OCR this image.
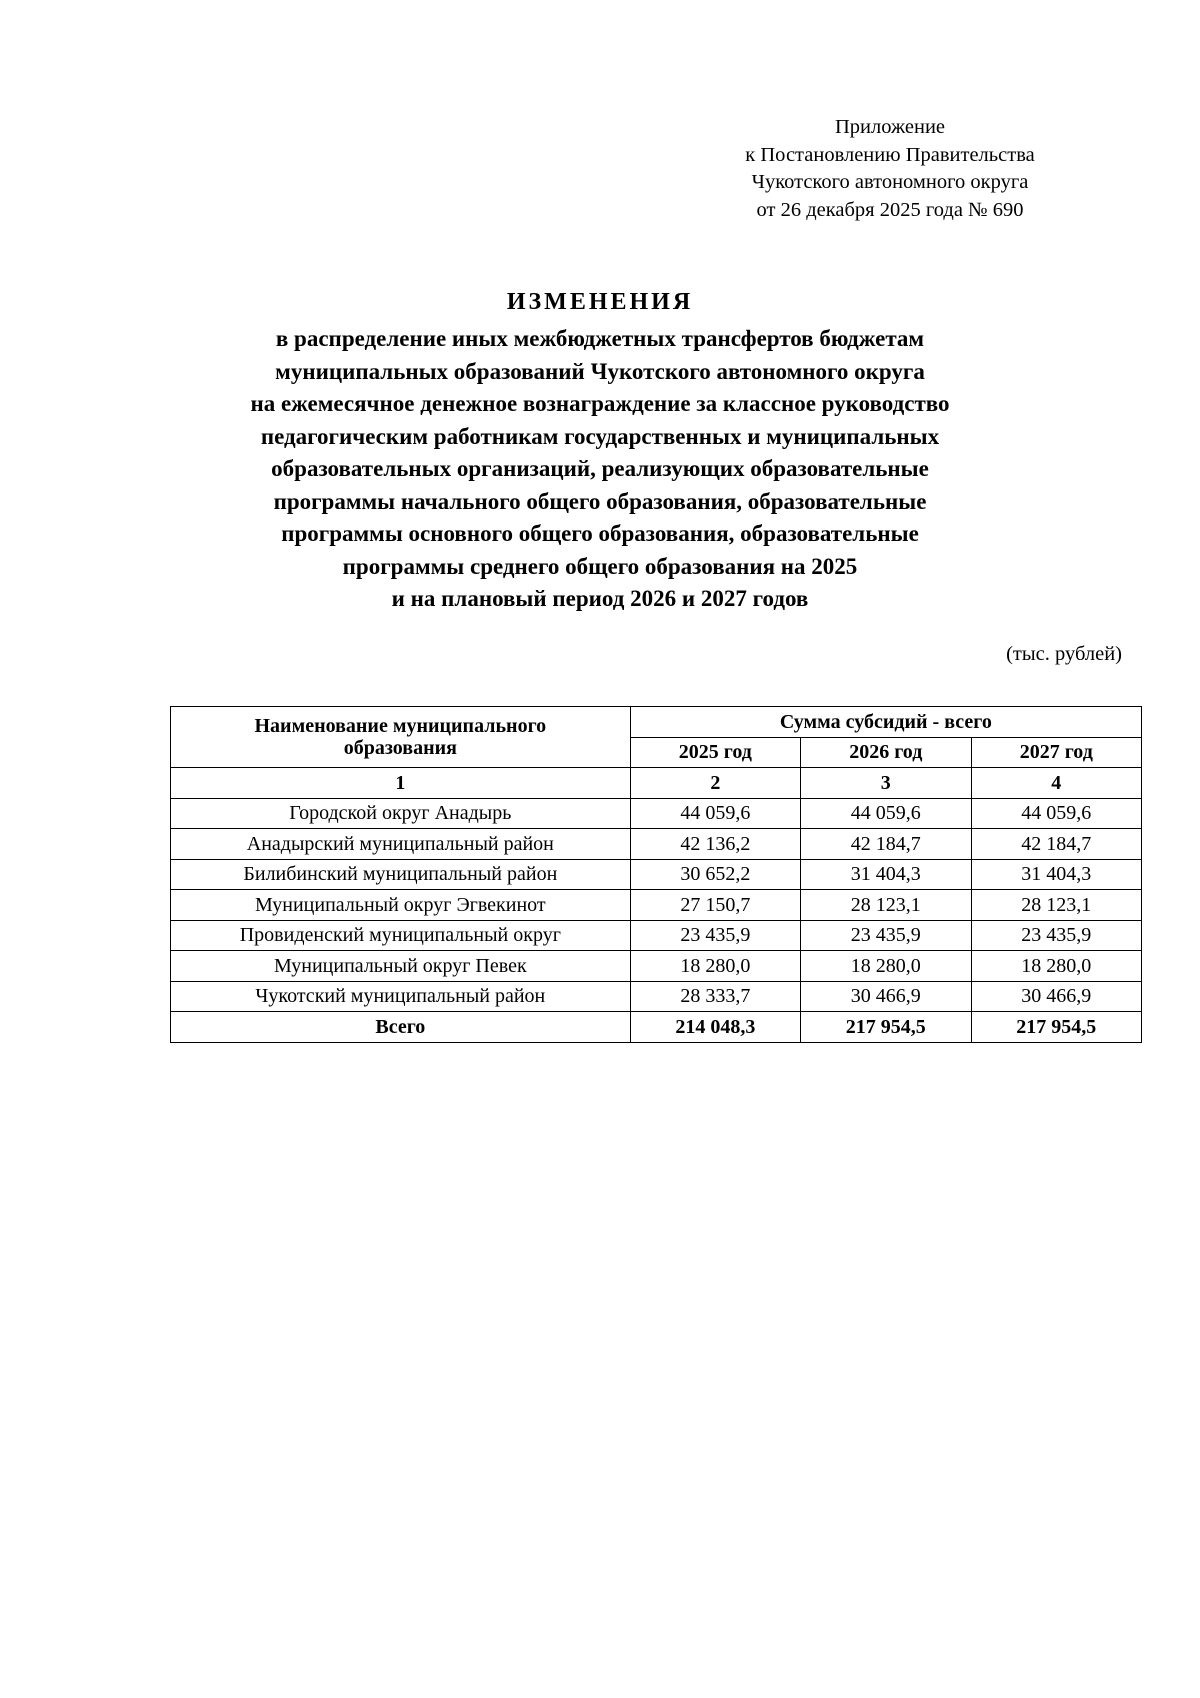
Приложение
к Постановлению Правительства
Чукотского автономного округа
от 26 декабря 2025 года № 690
ИЗМЕНЕНИЯ
в распределение иных межбюджетных трансфертов бюджетам
муниципальных образований Чукотского автономного округа
на ежемесячное денежное вознаграждение за классное руководство
педагогическим работникам государственных и муниципальных
образовательных организаций, реализующих образовательные
программы начального общего образования, образовательные
программы основного общего образования, образовательные
программы среднего общего образования на 2025
и на плановый период 2026 и 2027 годов
(тыс. рублей)
Наименование муниципального образования	Сумма субсидий - всего		
	2025 год	2026 год	2027 год
1	2	3	4
Городской округ Анадырь	44 059,6	44 059,6	44 059,6
Анадырский муниципальный район	42 136,2	42 184,7	42 184,7
Билибинский муниципальный район	30 652,2	31 404,3	31 404,3
Муниципальный округ Эгвекинот	27 150,7	28 123,1	28 123,1
Провиденский муниципальный округ	23 435,9	23 435,9	23 435,9
Муниципальный округ Певек	18 280,0	18 280,0	18 280,0
Чукотский муниципальный район	28 333,7	30 466,9	30 466,9
Всего	214 048,3	217 954,5	217 954,5
